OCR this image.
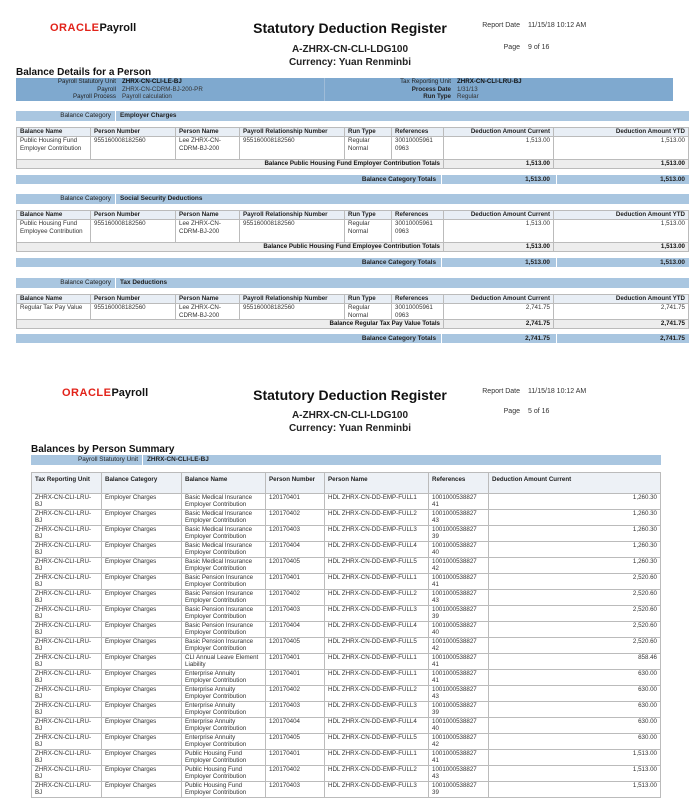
ORACLEPayroll	Statutory Deduction Register
A-ZHRX-CN-CLI-LDG100
Currency: Yuan Renminbi
Report Date 11/15/18 10:12 AM
Page 9 of 16
Balance Details for a Person
Payroll Statutory Unit	ZHRX-CN-CLI-LE-BJ		Tax Reporting Unit	ZHRX-CN-CLI-LRU-BJ
Payroll	ZHRX-CN-CDRM-BJ-200-PR		Process Date	1/31/13
Payroll Process	Payroll calculation		Run Type	Regular
Balance Category Employer Charges
Balance Name	Person Number	Person Name	Payroll Relationship Number	Run Type	References	Deduction Amount Current	Deduction Amount YTD
Public Housing Fund Employer Contribution	955160008182560	Lee ZHRX-CN-CDRM-BJ-200	955160008182560	Regular Normal	30010005961 0963	1,513.00	1,513.00
Balance Public Housing Fund Employer Contribution Totals						1,513.00	1,513.00
Balance Category Totals	1,513.00	1,513.00
Balance Category Social Security Deductions
Balance Name	Person Number	Person Name	Payroll Relationship Number	Run Type	References	Deduction Amount Current	Deduction Amount YTD
Public Housing Fund Employee Contribution	955160008182560	Lee ZHRX-CN-CDRM-BJ-200	955160008182560	Regular Normal	30010005961 0963	1,513.00	1,513.00
Balance Public Housing Fund Employee Contribution Totals						1,513.00	1,513.00
Balance Category Totals	1,513.00	1,513.00
Balance Category Tax Deductions
Balance Name	Person Number	Person Name	Payroll Relationship Number	Run Type	References	Deduction Amount Current	Deduction Amount YTD
Regular Tax Pay Value	955160008182560	Lee ZHRX-CN-CDRM-BJ-200	955160008182560	Regular Normal	30010005961 0963	2,741.75	2,741.75
Balance Regular Tax Pay Value Totals						2,741.75	2,741.75
Balance Category Totals	2,741.75	2,741.75
ORACLEPayroll	Statutory Deduction Register
A-ZHRX-CN-CLI-LDG100
Currency: Yuan Renminbi
Report Date 11/15/18 10:12 AM
Page 5 of 16
Balances by Person Summary
Payroll Statutory Unit ZHRX-CN-CLI-LE-BJ
Tax Reporting Unit	Balance Category	Balance Name	Person Number	Person Name	References	Deduction Amount Current
ZHRX-CN-CLI-LRU-BJ	Employer Charges	Basic Medical Insurance Employer Contribution	120170401	HDL ZHRX-CN-DD-EMP-FULL1	1001000538827 41	1,260.30
ZHRX-CN-CLI-LRU-BJ	Employer Charges	Basic Medical Insurance Employer Contribution	120170402	HDL ZHRX-CN-DD-EMP-FULL2	1001000538827 43	1,260.30
ZHRX-CN-CLI-LRU-BJ	Employer Charges	Basic Medical Insurance Employer Contribution	120170403	HDL ZHRX-CN-DD-EMP-FULL3	1001000538827 39	1,260.30
ZHRX-CN-CLI-LRU-BJ	Employer Charges	Basic Medical Insurance Employer Contribution	120170404	HDL ZHRX-CN-DD-EMP-FULL4	1001000538827 40	1,260.30
ZHRX-CN-CLI-LRU-BJ	Employer Charges	Basic Medical Insurance Employer Contribution	120170405	HDL ZHRX-CN-DD-EMP-FULL5	1001000538827 42	1,260.30
ZHRX-CN-CLI-LRU-BJ	Employer Charges	Basic Pension Insurance Employer Contribution	120170401	HDL ZHRX-CN-DD-EMP-FULL1	1001000538827 41	2,520.60
ZHRX-CN-CLI-LRU-BJ	Employer Charges	Basic Pension Insurance Employer Contribution	120170402	HDL ZHRX-CN-DD-EMP-FULL2	1001000538827 43	2,520.60
ZHRX-CN-CLI-LRU-BJ	Employer Charges	Basic Pension Insurance Employer Contribution	120170403	HDL ZHRX-CN-DD-EMP-FULL3	1001000538827 39	2,520.60
ZHRX-CN-CLI-LRU-BJ	Employer Charges	Basic Pension Insurance Employer Contribution	120170404	HDL ZHRX-CN-DD-EMP-FULL4	1001000538827 40	2,520.60
ZHRX-CN-CLI-LRU-BJ	Employer Charges	Basic Pension Insurance Employer Contribution	120170405	HDL ZHRX-CN-DD-EMP-FULL5	1001000538827 42	2,520.60
ZHRX-CN-CLI-LRU-BJ	Employer Charges	CLI Annual Leave Element Liability	120170401	HDL ZHRX-CN-DD-EMP-FULL1	1001000538827 41	858.46
ZHRX-CN-CLI-LRU-BJ	Employer Charges	Enterprise Annuity Employer Contribution	120170401	HDL ZHRX-CN-DD-EMP-FULL1	1001000538827 41	630.00
ZHRX-CN-CLI-LRU-BJ	Employer Charges	Enterprise Annuity Employer Contribution	120170402	HDL ZHRX-CN-DD-EMP-FULL2	1001000538827 43	630.00
ZHRX-CN-CLI-LRU-BJ	Employer Charges	Enterprise Annuity Employer Contribution	120170403	HDL ZHRX-CN-DD-EMP-FULL3	1001000538827 39	630.00
ZHRX-CN-CLI-LRU-BJ	Employer Charges	Enterprise Annuity Employer Contribution	120170404	HDL ZHRX-CN-DD-EMP-FULL4	1001000538827 40	630.00
ZHRX-CN-CLI-LRU-BJ	Employer Charges	Enterprise Annuity Employer Contribution	120170405	HDL ZHRX-CN-DD-EMP-FULL5	1001000538827 42	630.00
ZHRX-CN-CLI-LRU-BJ	Employer Charges	Public Housing Fund Employer Contribution	120170401	HDL ZHRX-CN-DD-EMP-FULL1	1001000538827 41	1,513.00
ZHRX-CN-CLI-LRU-BJ	Employer Charges	Public Housing Fund Employer Contribution	120170402	HDL ZHRX-CN-DD-EMP-FULL2	1001000538827 43	1,513.00
ZHRX-CN-CLI-LRU-BJ	Employer Charges	Public Housing Fund Employer Contribution	120170403	HDL ZHRX-CN-DD-EMP-FULL3	1001000538827 39	1,513.00
